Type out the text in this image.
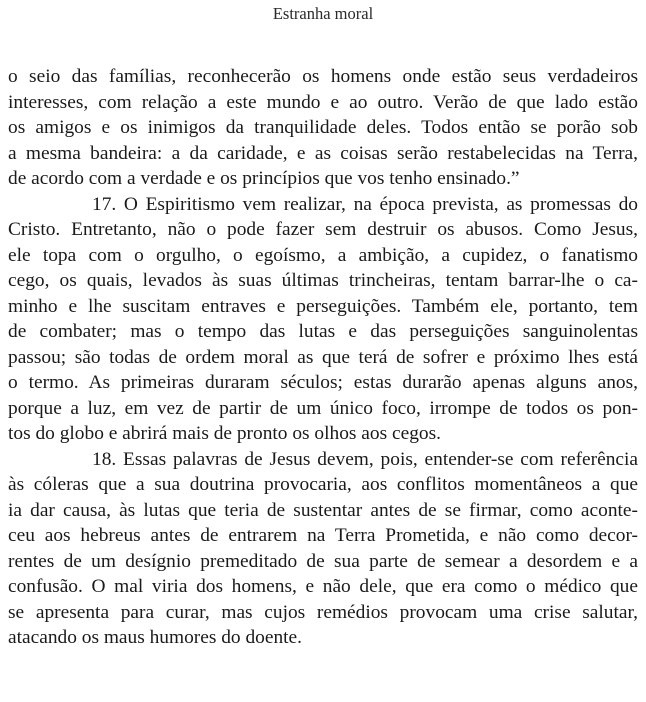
Estranha moral
o seio das famílias, reconhecerão os homens onde estão seus verdadeiros
interesses, com relação a este mundo e ao outro. Verão de que lado estão
os amigos e os inimigos da tranquilidade deles. Todos então se porão sob
a mesma bandeira: a da caridade, e as coisas serão restabelecidas na Terra,
de acordo com a verdade e os princípios que vos tenho ensinado.”
17. O Espiritismo vem realizar, na época prevista, as promessas do
Cristo. Entretanto, não o pode fazer sem destruir os abusos. Como Jesus,
ele topa com o orgulho, o egoísmo, a ambição, a cupidez, o fanatismo
cego, os quais, levados às suas últimas trincheiras, tentam barrar-lhe o ca-
minho e lhe suscitam entraves e perseguições. Também ele, portanto, tem
de combater; mas o tempo das lutas e das perseguições sanguinolentas
passou; são todas de ordem moral as que terá de sofrer e próximo lhes está
o termo. As primeiras duraram séculos; estas durarão apenas alguns anos,
porque a luz, em vez de partir de um único foco, irrompe de todos os pon-
tos do globo e abrirá mais de pronto os olhos aos cegos.
18. Essas palavras de Jesus devem, pois, entender-se com referência
às cóleras que a sua doutrina provocaria, aos conflitos momentâneos a que
ia dar causa, às lutas que teria de sustentar antes de se firmar, como aconte-
ceu aos hebreus antes de entrarem na Terra Prometida, e não como decor-
rentes de um desígnio premeditado de sua parte de semear a desordem e a
confusão. O mal viria dos homens, e não dele, que era como o médico que
se apresenta para curar, mas cujos remédios provocam uma crise salutar,
atacando os maus humores do doente.
